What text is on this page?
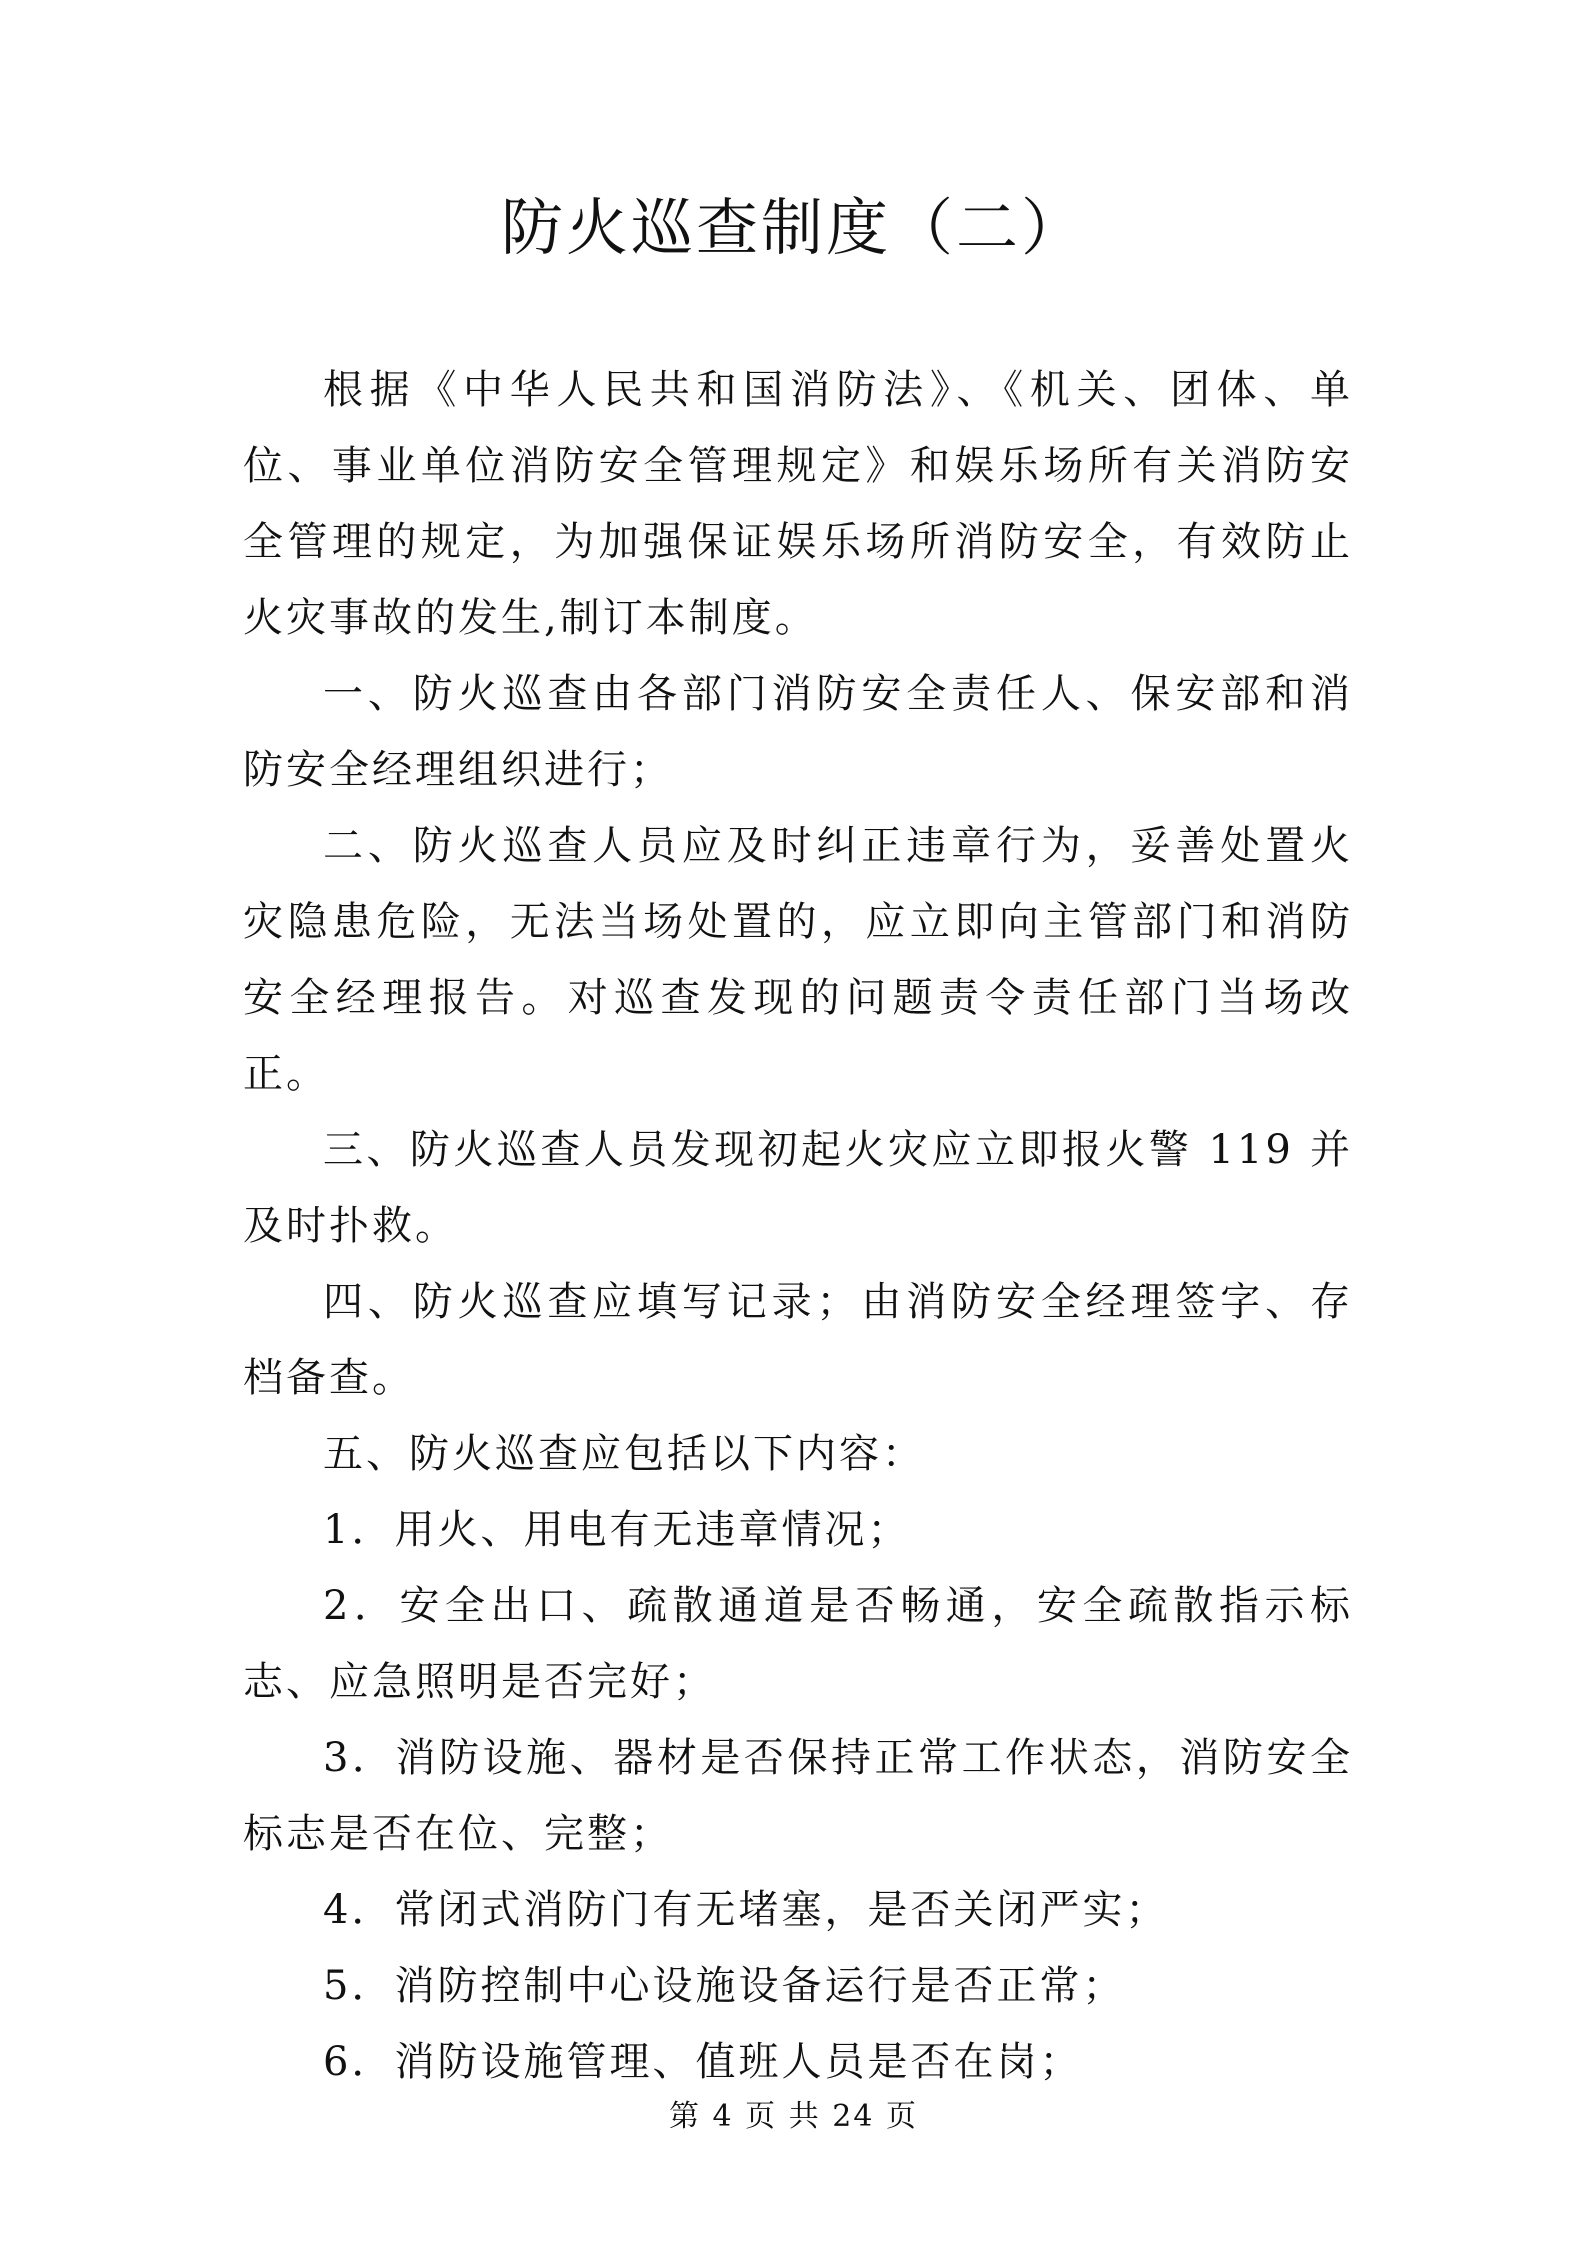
防火巡查制度（二）

根据《中华人民共和国消防法》、《机关、团体、单位、事业单位消防安全管理规定》和娱乐场所有关消防安全管理的规定，为加强保证娱乐场所消防安全，有效防止火灾事故的发生,制订本制度。

一、防火巡查由各部门消防安全责任人、保安部和消防安全经理组织进行；

二、防火巡查人员应及时纠正违章行为，妥善处置火灾隐患危险，无法当场处置的，应立即向主管部门和消防安全经理报告。对巡查发现的问题责令责任部门当场改正。

三、防火巡查人员发现初起火灾应立即报火警 119 并及时扑救。

四、防火巡查应填写记录；由消防安全经理签字、存档备查。

五、防火巡查应包括以下内容：

1．用火、用电有无违章情况；

2．安全出口、疏散通道是否畅通，安全疏散指示标志、应急照明是否完好；

3．消防设施、器材是否保持正常工作状态，消防安全标志是否在位、完整；

4．常闭式消防门有无堵塞，是否关闭严实；

5．消防控制中心设施设备运行是否正常；

6．消防设施管理、值班人员是否在岗；

第 4 页 共 24 页
